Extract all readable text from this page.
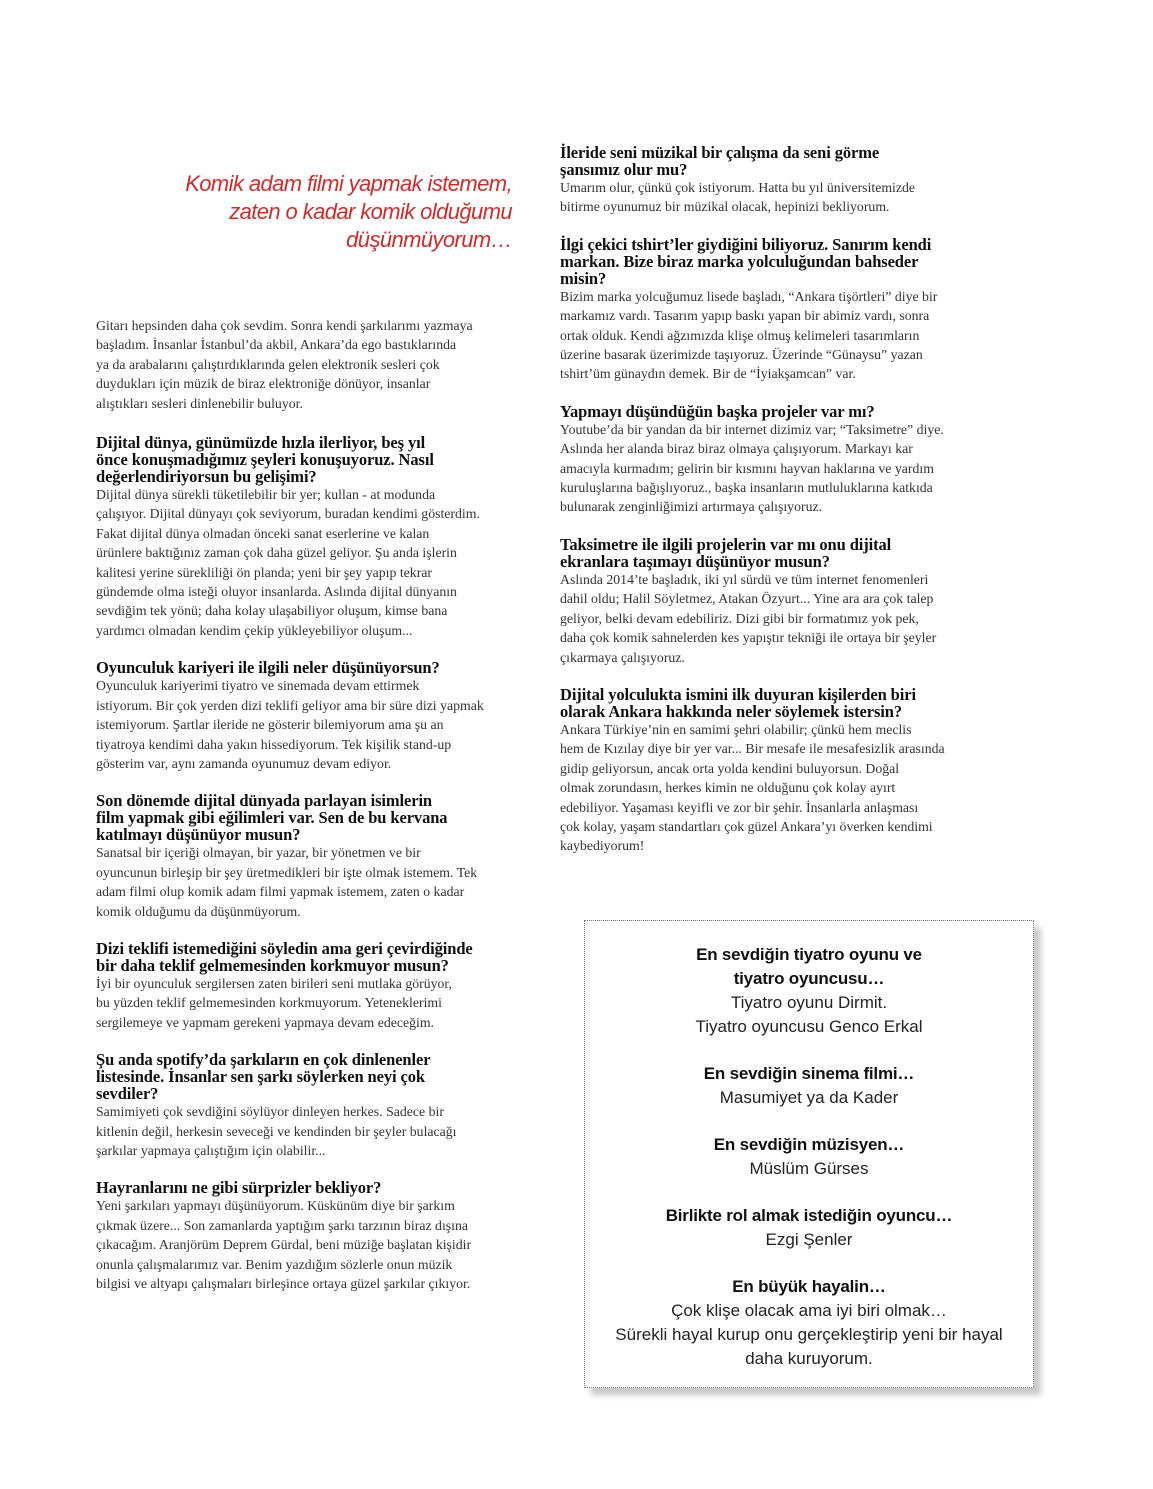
Komik adam filmi yapmak istemem,
zaten o kadar komik olduğumu
düşünmüyorum…
Gitarı hepsinden daha çok sevdim. Sonra kendi şarkılarımı yazmaya
başladım. İnsanlar İstanbul’da akbil, Ankara’da ego bastıklarında
ya da arabalarını çalıştırdıklarında gelen elektronik sesleri çok
duydukları için müzik de biraz elektroniğe dönüyor, insanlar
alıştıkları sesleri dinlenebilir buluyor.
Dijital dünya, günümüzde hızla ilerliyor, beş yıl
önce konuşmadığımız şeyleri konuşuyoruz. Nasıl
değerlendiriyorsun bu gelişimi?
Dijital dünya sürekli tüketilebilir bir yer; kullan - at modunda
çalışıyor. Dijital dünyayı çok seviyorum, buradan kendimi gösterdim.
Fakat dijital dünya olmadan önceki sanat eserlerine ve kalan
ürünlere baktığınız zaman çok daha güzel geliyor. Şu anda işlerin
kalitesi yerine sürekliliği ön planda; yeni bir şey yapıp tekrar
gündemde olma isteği oluyor insanlarda. Aslında dijital dünyanın
sevdiğim tek yönü; daha kolay ulaşabiliyor oluşum, kimse bana
yardımcı olmadan kendim çekip yükleyebiliyor oluşum...
Oyunculuk kariyeri ile ilgili neler düşünüyorsun?
Oyunculuk kariyerimi tiyatro ve sinemada devam ettirmek
istiyorum. Bir çok yerden dizi teklifi geliyor ama bir süre dizi yapmak
istemiyorum. Şartlar ileride ne gösterir bilemiyorum ama şu an
tiyatroya kendimi daha yakın hissediyorum. Tek kişilik stand-up
gösterim var, aynı zamanda oyunumuz devam ediyor.
Son dönemde dijital dünyada parlayan isimlerin
film yapmak gibi eğilimleri var. Sen de bu kervana
katılmayı düşünüyor musun?
Sanatsal bir içeriği olmayan, bir yazar, bir yönetmen ve bir
oyuncunun birleşip bir şey üretmedikleri bir işte olmak istemem. Tek
adam filmi olup komik adam filmi yapmak istemem, zaten o kadar
komik olduğumu da düşünmüyorum.
Dizi teklifi istemediğini söyledin ama geri çevirdiğinde
bir daha teklif gelmemesinden korkmuyor musun?
İyi bir oyunculuk sergilersen zaten birileri seni mutlaka görüyor,
bu yüzden teklif gelmemesinden korkmuyorum. Yeteneklerimi
sergilemeye ve yapmam gerekeni yapmaya devam edeceğim.
Şu anda spotify’da şarkıların en çok dinlenenler
listesinde. İnsanlar sen şarkı söylerken neyi çok
sevdiler?
Samimiyeti çok sevdiğini söylüyor dinleyen herkes. Sadece bir
kitlenin değil, herkesin seveceği ve kendinden bir şeyler bulacağı
şarkılar yapmaya çalıştığım için olabilir...
Hayranlarını ne gibi sürprizler bekliyor?
Yeni şarkıları yapmayı düşünüyorum. Küskünüm diye bir şarkım
çıkmak üzere... Son zamanlarda yaptığım şarkı tarzının biraz dışına
çıkacağım. Aranjörüm Deprem Gürdal, beni müziğe başlatan kişidir
onunla çalışmalarımız var. Benim yazdığım sözlerle onun müzik
bilgisi ve altyapı çalışmaları birleşince ortaya güzel şarkılar çıkıyor.
İleride seni müzikal bir çalışma da seni görme
şansımız olur mu?
Umarım olur, çünkü çok istiyorum. Hatta bu yıl üniversitemizde
bitirme oyunumuz bir müzikal olacak, hepinizi bekliyorum.
İlgi çekici tshirt’ler giydiğini biliyoruz. Sanırım kendi
markan. Bize biraz marka yolculuğundan bahseder
misin?
Bizim marka yolcuğumuz lisede başladı, “Ankara tişörtleri” diye bir
markamız vardı. Tasarım yapıp baskı yapan bir abimiz vardı, sonra
ortak olduk. Kendi ağzımızda klişe olmuş kelimeleri tasarımların
üzerine basarak üzerimizde taşıyoruz. Üzerinde “Günaysu” yazan
tshirt’üm günaydın demek. Bir de “İyiakşamcan” var.
Yapmayı düşündüğün başka projeler var mı?
Youtube’da bir yandan da bir internet dizimiz var; “Taksimetre” diye.
Aslında her alanda biraz biraz olmaya çalışıyorum. Markayı kar
amacıyla kurmadım; gelirin bir kısmını hayvan haklarına ve yardım
kuruluşlarına bağışlıyoruz., başka insanların mutluluklarına katkıda
bulunarak zenginliğimizi artırmaya çalışıyoruz.
Taksimetre ile ilgili projelerin var mı onu dijital
ekranlara taşımayı düşünüyor musun?
Aslında 2014’te başladık, iki yıl sürdü ve tüm internet fenomenleri
dahil oldu; Halil Söyletmez, Atakan Özyurt... Yine ara ara çok talep
geliyor, belki devam edebiliriz. Dizi gibi bir formatımız yok pek,
daha çok komik sahnelerden kes yapıştır tekniği ile ortaya bir şeyler
çıkarmaya çalışıyoruz.
Dijital yolculukta ismini ilk duyuran kişilerden biri
olarak Ankara hakkında neler söylemek istersin?
Ankara Türkiye’nin en samimi şehri olabilir; çünkü hem meclis
hem de Kızılay diye bir yer var... Bir mesafe ile mesafesizlik arasında
gidip geliyorsun, ancak orta yolda kendini buluyorsun. Doğal
olmak zorundasın, herkes kimin ne olduğunu çok kolay ayırt
edebiliyor. Yaşaması keyifli ve zor bir şehir. İnsanlarla anlaşması
çok kolay, yaşam standartları çok güzel Ankara’yı överken kendimi
kaybediyorum!
En sevdiğin tiyatro oyunu ve
tiyatro oyuncusu…
Tiyatro oyunu Dirmit.
Tiyatro oyuncusu Genco Erkal
En sevdiğin sinema filmi…
Masumiyet ya da Kader
En sevdiğin müzisyen…
Müslüm Gürses
Birlikte rol almak istediğin oyuncu…
Ezgi Şenler
En büyük hayalin…
Çok klişe olacak ama iyi biri olmak…
Sürekli hayal kurup onu gerçekleştirip yeni bir hayal
daha kuruyorum.
